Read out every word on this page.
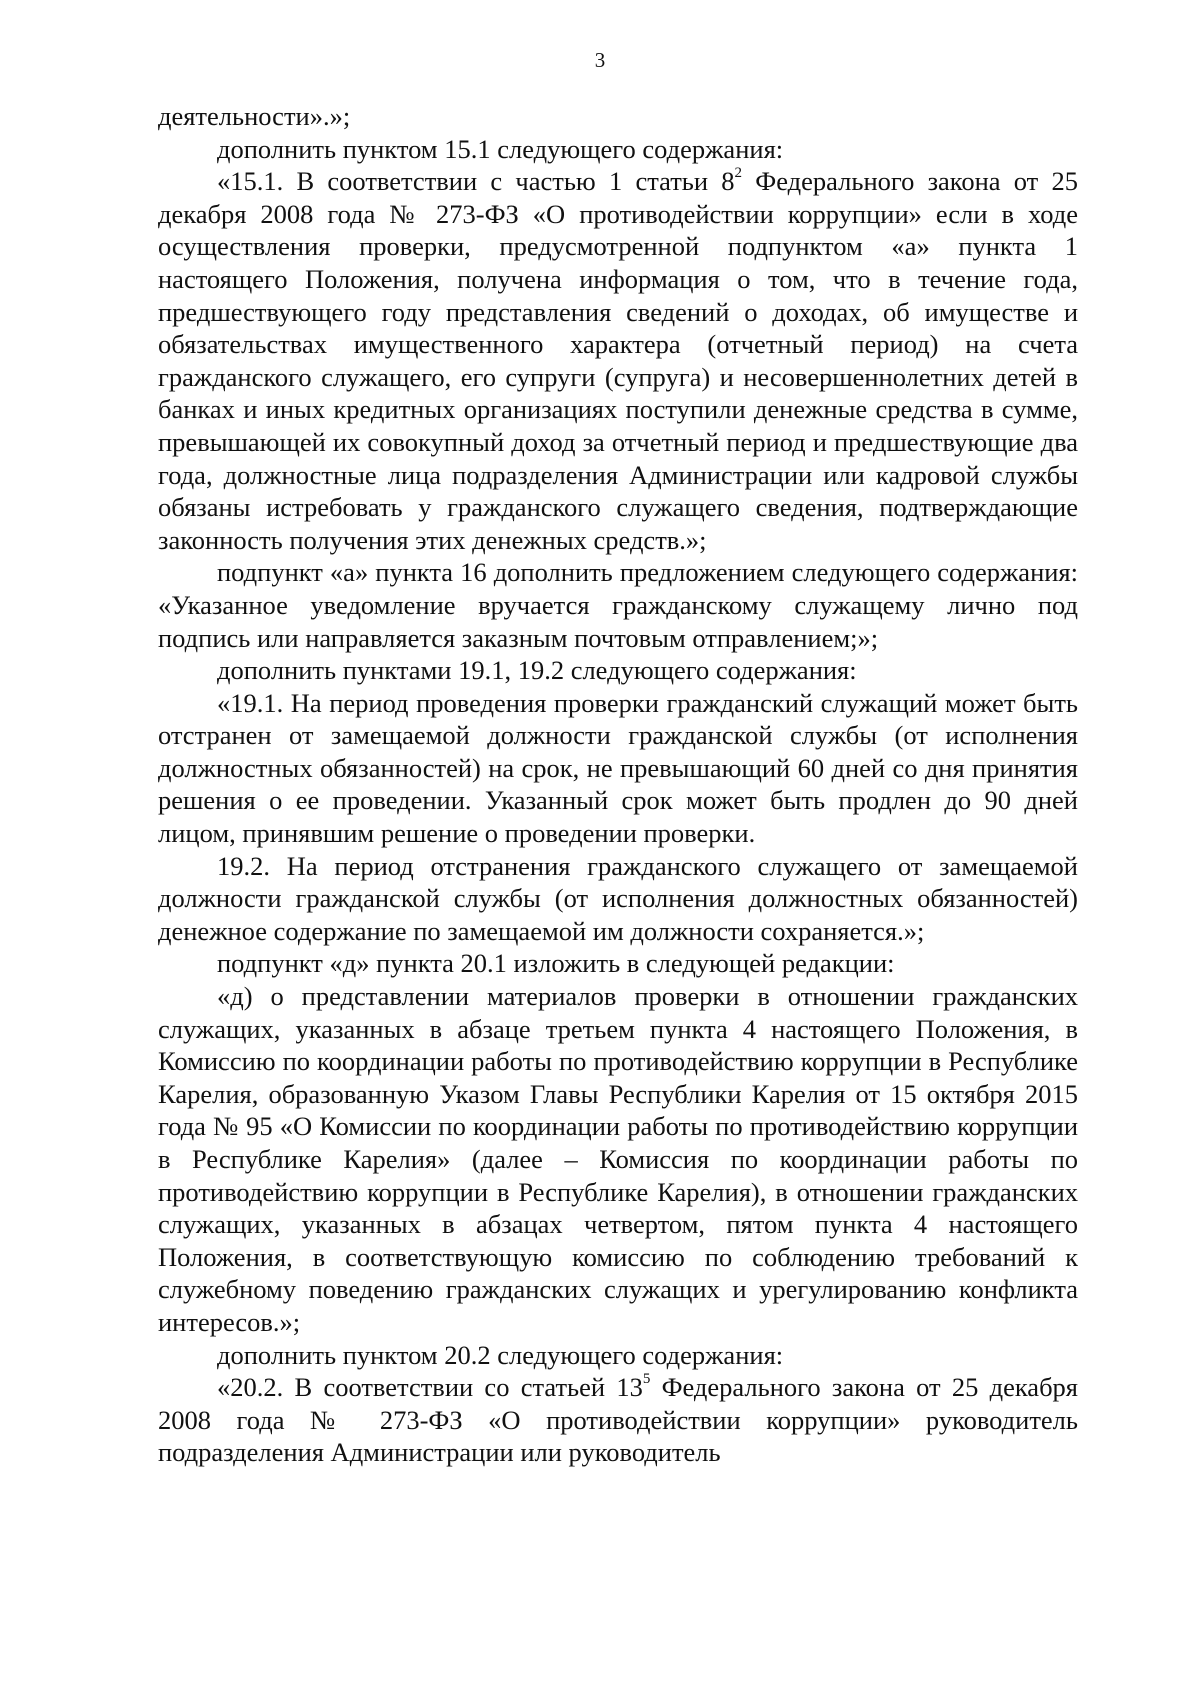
3

деятельности».»;

дополнить пунктом 15.1 следующего содержания:

«15.1. В соответствии с частью 1 статьи $8^2$ Федерального закона от 25 декабря 2008 года № 273-ФЗ «О противодействии коррупции» если в ходе осуществления проверки, предусмотренной подпунктом «а» пункта 1 настоящего Положения, получена информация о том, что в течение года, предшествующего году представления сведений о доходах, об имуществе и обязательствах имущественного характера (отчетный период) на счета гражданского служащего, его супруги (супруга) и несовершеннолетних детей в банках и иных кредитных организациях поступили денежные средства в сумме, превышающей их совокупный доход за отчетный период и предшествующие два года, должностные лица подразделения Администрации или кадровой службы обязаны истребовать у гражданского служащего сведения, подтверждающие законность получения этих денежных средств.»;

подпункт «а» пункта 16 дополнить предложением следующего содержания: «Указанное уведомление вручается гражданскому служащему лично под подпись или направляется заказным почтовым отправлением;»;

дополнить пунктами 19.1, 19.2 следующего содержания:

«19.1. На период проведения проверки гражданский служащий может быть отстранен от замещаемой должности гражданской службы (от исполнения должностных обязанностей) на срок, не превышающий 60 дней со дня принятия решения о ее проведении. Указанный срок может быть продлен до 90 дней лицом, принявшим решение о проведении проверки.

19.2. На период отстранения гражданского служащего от замещаемой должности гражданской службы (от исполнения должностных обязанностей) денежное содержание по замещаемой им должности сохраняется.»;

подпункт «д» пункта 20.1 изложить в следующей редакции:

«д) о представлении материалов проверки в отношении гражданских служащих, указанных в абзаце третьем пункта 4 настоящего Положения, в Комиссию по координации работы по противодействию коррупции в Республике Карелия, образованную Указом Главы Республики Карелия от 15 октября 2015 года № 95 «О Комиссии по координации работы по противодействию коррупции в Республике Карелия» (далее – Комиссия по координации работы по противодействию коррупции в Республике Карелия), в отношении гражданских служащих, указанных в абзацах четвертом, пятом пункта 4 настоящего Положения, в соответствующую комиссию по соблюдению требований к служебному поведению гражданских служащих и урегулированию конфликта интересов.»;

дополнить пунктом 20.2 следующего содержания:

«20.2. В соответствии со статьей $13^5$ Федерального закона от 25 декабря 2008 года № 273-ФЗ «О противодействии коррупции» руководитель подразделения Администрации или руководитель
